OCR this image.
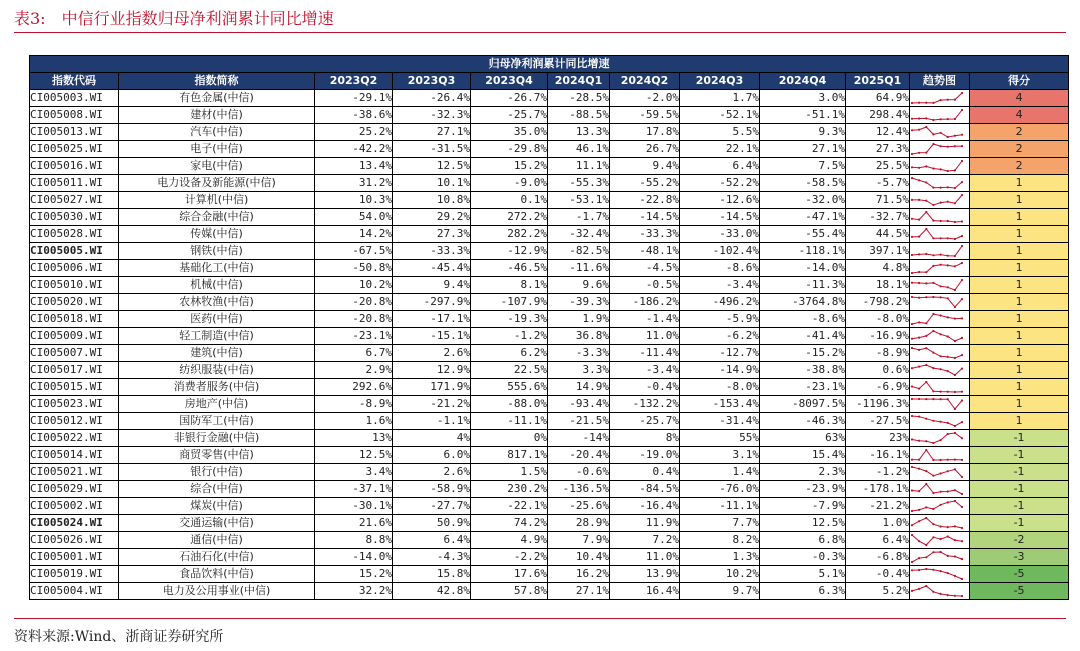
表3: 中信行业指数归母净利润累计同比增速
归母净利润累计同比增速											
指数代码	指数简称	2023Q2	2023Q3	2023Q4	2024Q1	2024Q2	2024Q3	2024Q4	2025Q1	趋势图	得分
CI005003.WI	有色金属(中信)	-29.1%	-26.4%	-26.7%	-28.5%	-2.0%	1.7%	3.0%	64.9%		4
CI005008.WI	建材(中信)	-38.6%	-32.3%	-25.7%	-88.5%	-59.5%	-52.1%	-51.1%	298.4%		4
CI005013.WI	汽车(中信)	25.2%	27.1%	35.0%	13.3%	17.8%	5.5%	9.3%	12.4%		2
CI005025.WI	电子(中信)	-42.2%	-31.5%	-29.8%	46.1%	26.7%	22.1%	27.1%	27.3%		2
CI005016.WI	家电(中信)	13.4%	12.5%	15.2%	11.1%	9.4%	6.4%	7.5%	25.5%		2
CI005011.WI	电力设备及新能源(中信)	31.2%	10.1%	-9.0%	-55.3%	-55.2%	-52.2%	-58.5%	-5.7%		1
CI005027.WI	计算机(中信)	10.3%	10.8%	0.1%	-53.1%	-22.8%	-12.6%	-32.0%	71.5%		1
CI005030.WI	综合金融(中信)	54.0%	29.2%	272.2%	-1.7%	-14.5%	-14.5%	-47.1%	-32.7%		1
CI005028.WI	传媒(中信)	14.2%	27.3%	282.2%	-32.4%	-33.3%	-33.0%	-55.4%	44.5%		1
CI005005.WI	钢铁(中信)	-67.5%	-33.3%	-12.9%	-82.5%	-48.1%	-102.4%	-118.1%	397.1%		1
CI005006.WI	基础化工(中信)	-50.8%	-45.4%	-46.5%	-11.6%	-4.5%	-8.6%	-14.0%	4.8%		1
CI005010.WI	机械(中信)	10.2%	9.4%	8.1%	9.6%	-0.5%	-3.4%	-11.3%	18.1%		1
CI005020.WI	农林牧渔(中信)	-20.8%	-297.9%	-107.9%	-39.3%	-186.2%	-496.2%	-3764.8%	-798.2%		1
CI005018.WI	医药(中信)	-20.8%	-17.1%	-19.3%	1.9%	-1.4%	-5.9%	-8.6%	-8.0%		1
CI005009.WI	轻工制造(中信)	-23.1%	-15.1%	-1.2%	36.8%	11.0%	-6.2%	-41.4%	-16.9%		1
CI005007.WI	建筑(中信)	6.7%	2.6%	6.2%	-3.3%	-11.4%	-12.7%	-15.2%	-8.9%		1
CI005017.WI	纺织服装(中信)	2.9%	12.9%	22.5%	3.3%	-3.4%	-14.9%	-38.8%	0.6%		1
CI005015.WI	消费者服务(中信)	292.6%	171.9%	555.6%	14.9%	-0.4%	-8.0%	-23.1%	-6.9%		1
CI005023.WI	房地产(中信)	-8.9%	-21.2%	-88.0%	-93.4%	-132.2%	-153.4%	-8097.5%	-1196.3%		1
CI005012.WI	国防军工(中信)	1.6%	-1.1%	-11.1%	-21.5%	-25.7%	-31.4%	-46.3%	-27.5%		1
CI005022.WI	非银行金融(中信)	13%	4%	0%	-14%	8%	55%	63%	23%		-1
CI005014.WI	商贸零售(中信)	12.5%	6.0%	817.1%	-20.4%	-19.0%	3.1%	15.4%	-16.1%		-1
CI005021.WI	银行(中信)	3.4%	2.6%	1.5%	-0.6%	0.4%	1.4%	2.3%	-1.2%		-1
CI005029.WI	综合(中信)	-37.1%	-58.9%	230.2%	-136.5%	-84.5%	-76.0%	-23.9%	-178.1%		-1
CI005002.WI	煤炭(中信)	-30.1%	-27.7%	-22.1%	-25.6%	-16.4%	-11.1%	-7.9%	-21.2%		-1
CI005024.WI	交通运输(中信)	21.6%	50.9%	74.2%	28.9%	11.9%	7.7%	12.5%	1.0%		-1
CI005026.WI	通信(中信)	8.8%	6.4%	4.9%	7.9%	7.2%	8.2%	6.8%	6.4%		-2
CI005001.WI	石油石化(中信)	-14.0%	-4.3%	-2.2%	10.4%	11.0%	1.3%	-0.3%	-6.8%		-3
CI005019.WI	食品饮料(中信)	15.2%	15.8%	17.6%	16.2%	13.9%	10.2%	5.1%	-0.4%		-5
CI005004.WI	电力及公用事业(中信)	32.2%	42.8%	57.8%	27.1%	16.4%	9.7%	6.3%	5.2%		-5
资料来源:Wind、浙商证券研究所
